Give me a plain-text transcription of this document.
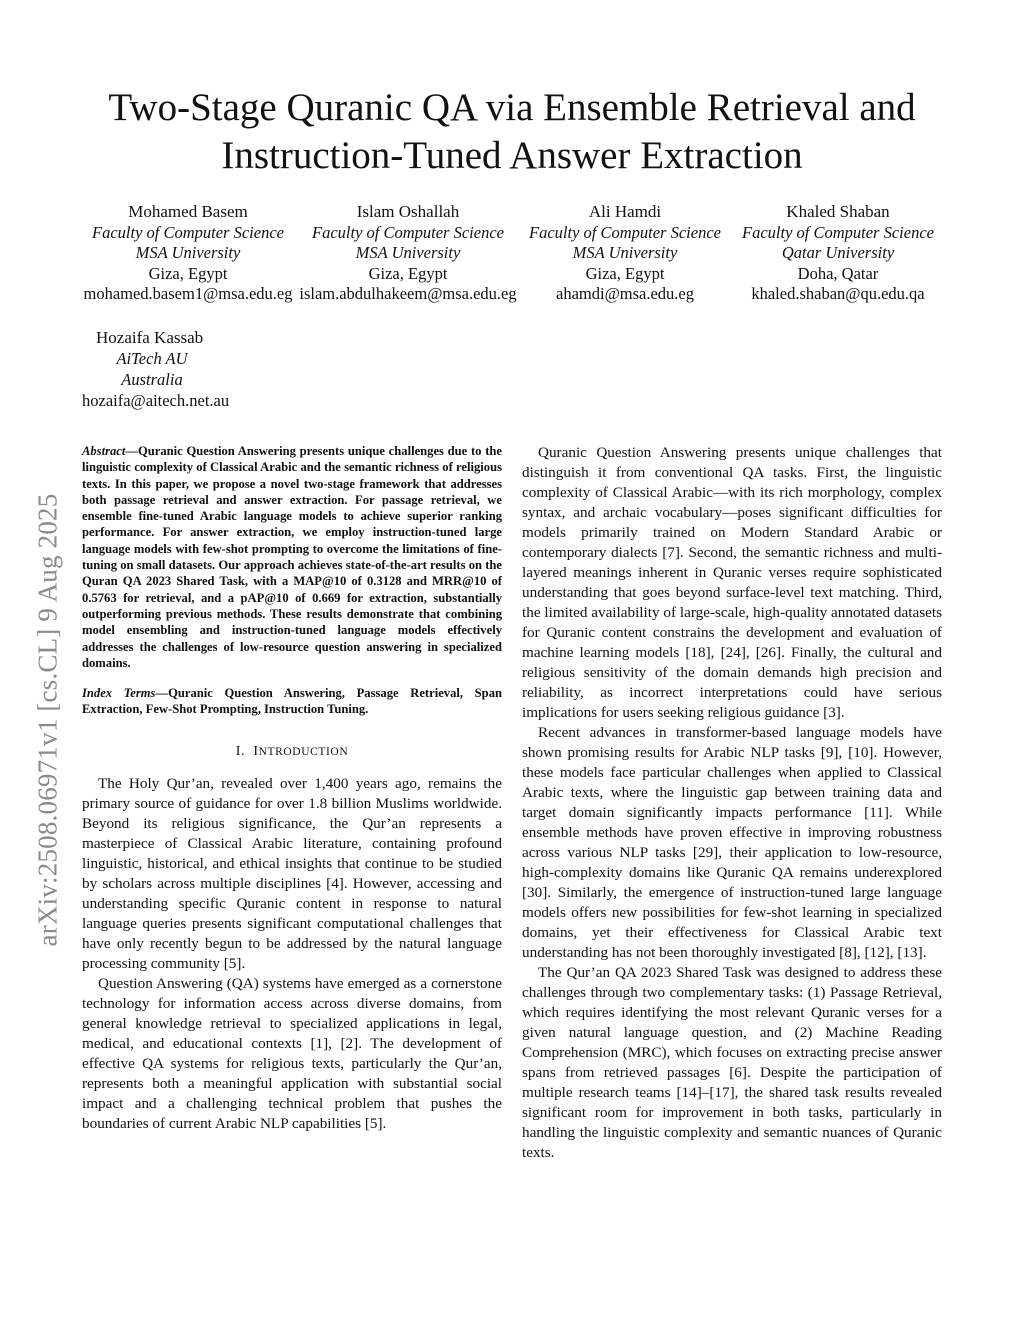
Two-Stage Quranic QA via Ensemble Retrieval and Instruction-Tuned Answer Extraction
Mohamed Basem
Faculty of Computer Science
MSA University
Giza, Egypt
mohamed.basem1@msa.edu.eg
Islam Oshallah
Faculty of Computer Science
MSA University
Giza, Egypt
islam.abdulhakeem@msa.edu.eg
Ali Hamdi
Faculty of Computer Science
MSA University
Giza, Egypt
ahamdi@msa.edu.eg
Khaled Shaban
Faculty of Computer Science
Qatar University
Doha, Qatar
khaled.shaban@qu.edu.qa
Hozaifa Kassab
AiTech AU
Australia
hozaifa@aitech.net.au
arXiv:2508.06971v1 [cs.CL] 9 Aug 2025

Abstract—Quranic Question Answering presents unique challenges due to the linguistic complexity of Classical Arabic and the semantic richness of religious texts. In this paper, we propose a novel two-stage framework that addresses both passage retrieval and answer extraction. For passage retrieval, we ensemble fine-tuned Arabic language models to achieve superior ranking performance. For answer extraction, we employ instruction-tuned large language models with few-shot prompting to overcome the limitations of fine-tuning on small datasets. Our approach achieves state-of-the-art results on the Quran QA 2023 Shared Task, with a MAP@10 of 0.3128 and MRR@10 of 0.5763 for retrieval, and a pAP@10 of 0.669 for extraction, substantially outperforming previous methods. These results demonstrate that combining model ensembling and instruction-tuned language models effectively addresses the challenges of low-resource question answering in specialized domains.

Index Terms—Quranic Question Answering, Passage Retrieval, Span Extraction, Few-Shot Prompting, Instruction Tuning.

I. INTRODUCTION

The Holy Qur’an, revealed over 1,400 years ago, remains the primary source of guidance for over 1.8 billion Muslims worldwide. Beyond its religious significance, the Qur’an represents a masterpiece of Classical Arabic literature, containing profound linguistic, historical, and ethical insights that continue to be studied by scholars across multiple disciplines [4]. However, accessing and understanding specific Quranic content in response to natural language queries presents significant computational challenges that have only recently begun to be addressed by the natural language processing community [5].

Question Answering (QA) systems have emerged as a cornerstone technology for information access across diverse domains, from general knowledge retrieval to specialized applications in legal, medical, and educational contexts [1], [2]. The development of effective QA systems for religious texts, particularly the Qur’an, represents both a meaningful application with substantial social impact and a challenging technical problem that pushes the boundaries of current Arabic NLP capabilities [5].

Quranic Question Answering presents unique challenges that distinguish it from conventional QA tasks. First, the linguistic complexity of Classical Arabic—with its rich morphology, complex syntax, and archaic vocabulary—poses significant difficulties for models primarily trained on Modern Standard Arabic or contemporary dialects [7]. Second, the semantic richness and multi-layered meanings inherent in Quranic verses require sophisticated understanding that goes beyond surface-level text matching. Third, the limited availability of large-scale, high-quality annotated datasets for Quranic content constrains the development and evaluation of machine learning models [18], [24], [26]. Finally, the cultural and religious sensitivity of the domain demands high precision and reliability, as incorrect interpretations could have serious implications for users seeking religious guidance [3].

Recent advances in transformer-based language models have shown promising results for Arabic NLP tasks [9], [10]. However, these models face particular challenges when applied to Classical Arabic texts, where the linguistic gap between training data and target domain significantly impacts performance [11]. While ensemble methods have proven effective in improving robustness across various NLP tasks [29], their application to low-resource, high-complexity domains like Quranic QA remains underexplored [30]. Similarly, the emergence of instruction-tuned large language models offers new possibilities for few-shot learning in specialized domains, yet their effectiveness for Classical Arabic text understanding has not been thoroughly investigated [8], [12], [13].

The Qur’an QA 2023 Shared Task was designed to address these challenges through two complementary tasks: (1) Passage Retrieval, which requires identifying the most relevant Quranic verses for a given natural language question, and (2) Machine Reading Comprehension (MRC), which focuses on extracting precise answer spans from retrieved passages [6]. Despite the participation of multiple research teams [14]–[17], the shared task results revealed significant room for improvement in both tasks, particularly in handling the linguistic complexity and semantic nuances of Quranic texts.
